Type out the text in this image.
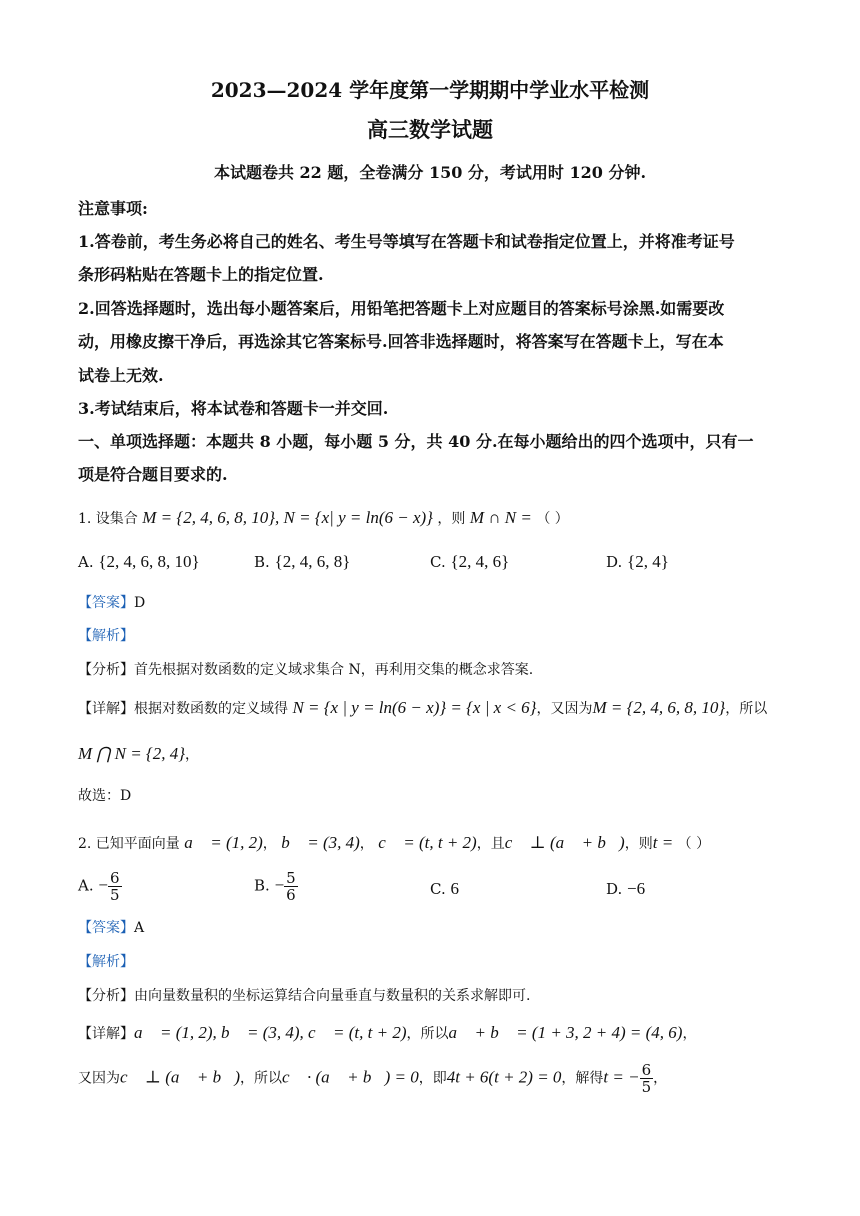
2023—2024 学年度第一学期期中学业水平检测
高三数学试题
本试题卷共 22 题，全卷满分 150 分，考试用时 120 分钟.
注意事项:
1.答卷前，考生务必将自己的姓名、考生号等填写在答题卡和试卷指定位置上，并将准考证号
条形码粘贴在答题卡上的指定位置.
2.回答选择题时，选出每小题答案后，用铅笔把答题卡上对应题目的答案标号涂黑.如需要改
动，用橡皮擦干净后，再选涂其它答案标号.回答非选择题时，将答案写在答题卡上，写在本
试卷上无效.
3.考试结束后，将本试卷和答题卡一并交回.
一、单项选择题：本题共 8 小题，每小题 5 分，共 40 分.在每小题给出的四个选项中，只有一
项是符合题目要求的.
1. 设集合 M = {2, 4, 6, 8, 10}, N = {x| y = ln(6 − x)} ，则 M ∩ N = （ ）
A. {2, 4, 6, 8, 10}	B. {2, 4, 6, 8}	C. {2, 4, 6}	D. {2, 4}
【答案】D
【解析】
【分析】首先根据对数函数的定义域求集合 N，再利用交集的概念求答案.
【详解】根据对数函数的定义域得 N = {x | y = ln(6 − x)} = {x | x < 6}，又因为M = {2, 4, 6, 8, 10}，所以
M ⋂ N = {2, 4}，
故选：D
2. 已知平面向量 a⃗ = (1, 2)， b⃗ = (3, 4)， c⃗ = (t, t + 2)，且c⃗ ⊥ (a⃗ + b⃗)，则t = （ ）
A. − $\frac{6}{5}$	B. − $\frac{5}{6}$	C. 6	D. −6
【答案】A
【解析】
【分析】由向量数量积的坐标运算结合向量垂直与数量积的关系求解即可.
【详解】a⃗ = (1, 2), b⃗ = (3, 4), c⃗ = (t, t + 2)，所以a⃗ + b⃗ = (1 + 3, 2 + 4) = (4, 6)，
又因为c⃗ ⊥ (a⃗ + b⃗)，所以c⃗ · (a⃗ + b⃗) = 0，即4t + 6(t + 2) = 0，解得t = − $\frac{6}{5}$ ，
